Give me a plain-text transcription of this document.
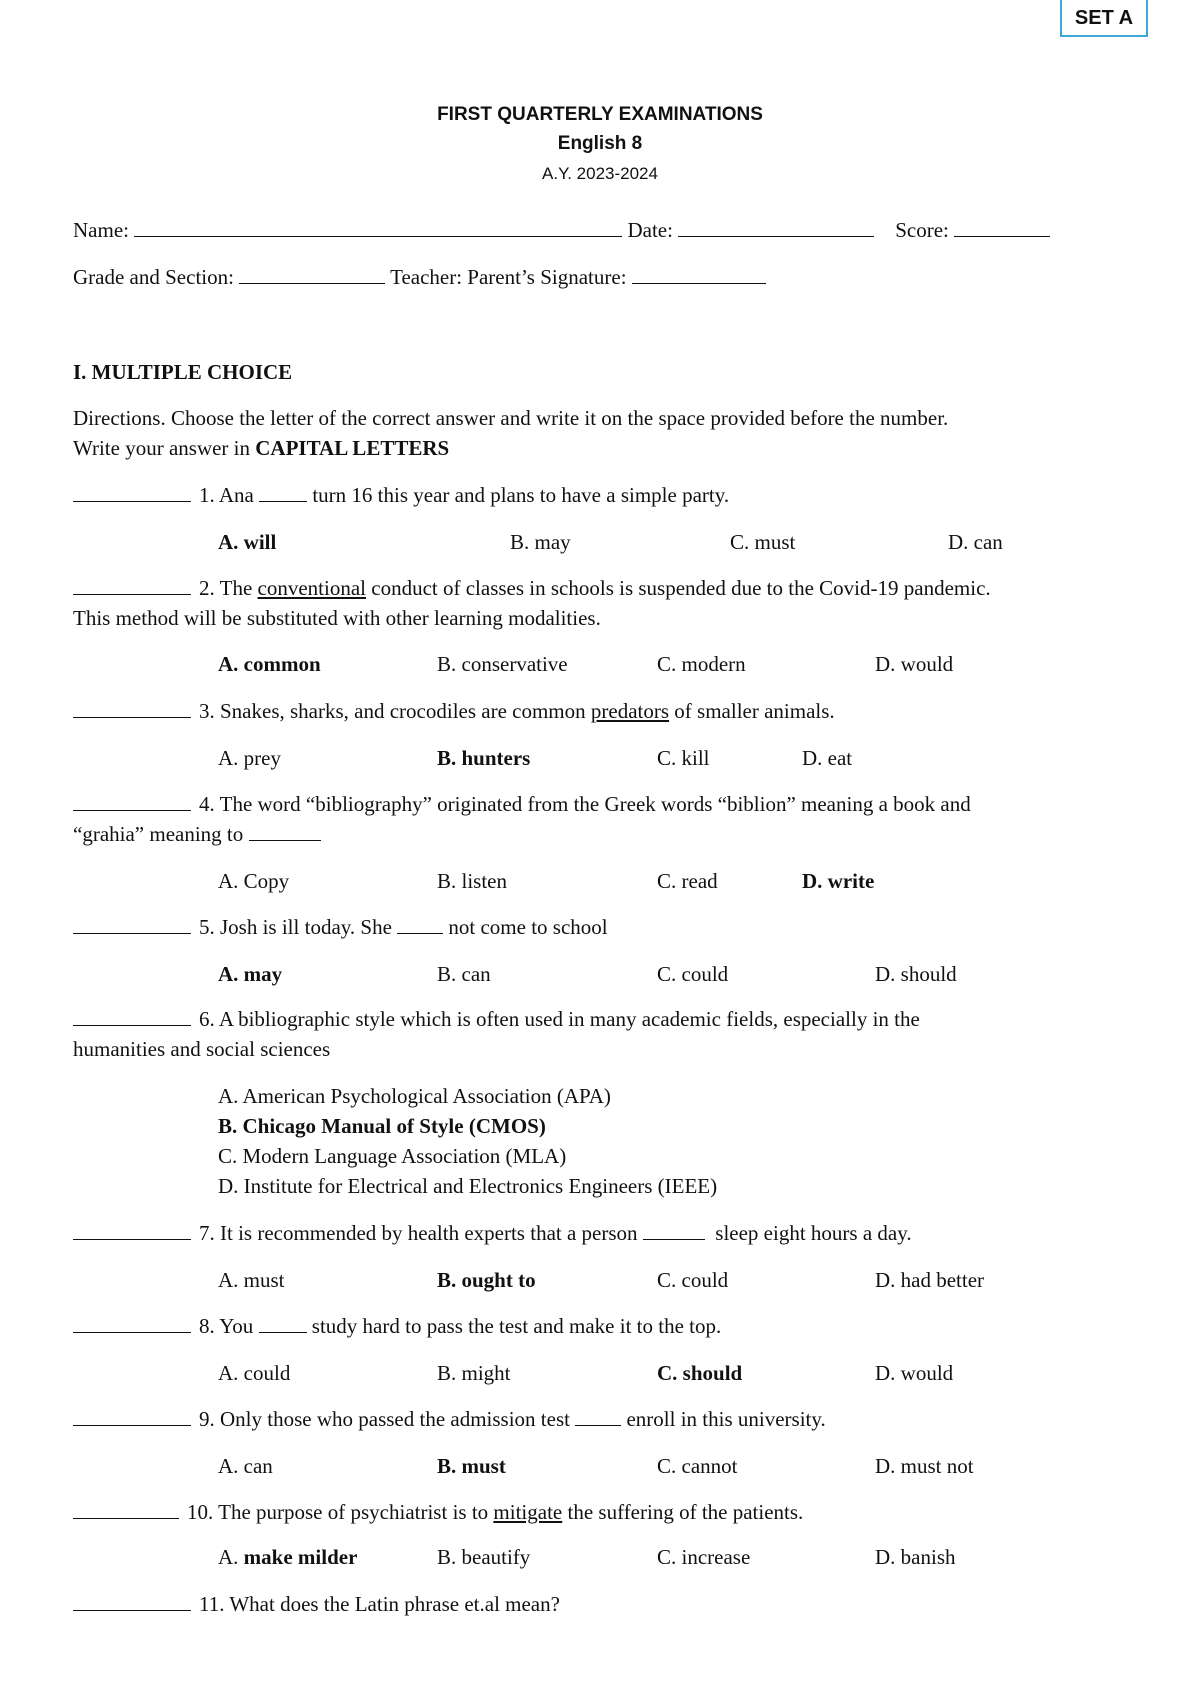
SET A
FIRST QUARTERLY EXAMINATIONS
English 8
A.Y. 2023-2024
Name:	Date:	Score:
Grade and Section:	Teacher: Parent’s Signature:
I. MULTIPLE CHOICE
Directions. Choose the letter of the correct answer and write it on the space provided before the number.
Write your answer in CAPITAL LETTERS
1. Ana  turn 16 this year and plans to have a simple party.
A. will	B. may	C. must	D. can
2. The conventional conduct of classes in schools is suspended due to the Covid-19 pandemic.
This method will be substituted with other learning modalities.
A. common	B. conservative	C. modern	D. would
3. Snakes, sharks, and crocodiles are common predators of smaller animals.
A. prey	B. hunters	C. kill	D. eat
4. The word “bibliography” originated from the Greek words “biblion” meaning a book and
“grahia” meaning to
A. Copy	B. listen	C. read	D. write
5. Josh is ill today. She  not come to school
A. may	B. can	C. could	D. should
6. A bibliographic style which is often used in many academic fields, especially in the
humanities and social sciences
A. American Psychological Association (APA)
B. Chicago Manual of Style (CMOS)
C. Modern Language Association (MLA)
D. Institute for Electrical and Electronics Engineers (IEEE)
7. It is recommended by health experts that a person	sleep eight hours a day.
A. must	B. ought to	C. could	D. had better
8. You  study hard to pass the test and make it to the top.
A. could	B. might	C. should	D. would
9. Only those who passed the admission test  enroll in this university.
A. can	B. must	C. cannot	D. must not
10. The purpose of psychiatrist is to mitigate the suffering of the patients.
A. make milder	B. beautify	C. increase	D. banish
11. What does the Latin phrase et.al mean?
